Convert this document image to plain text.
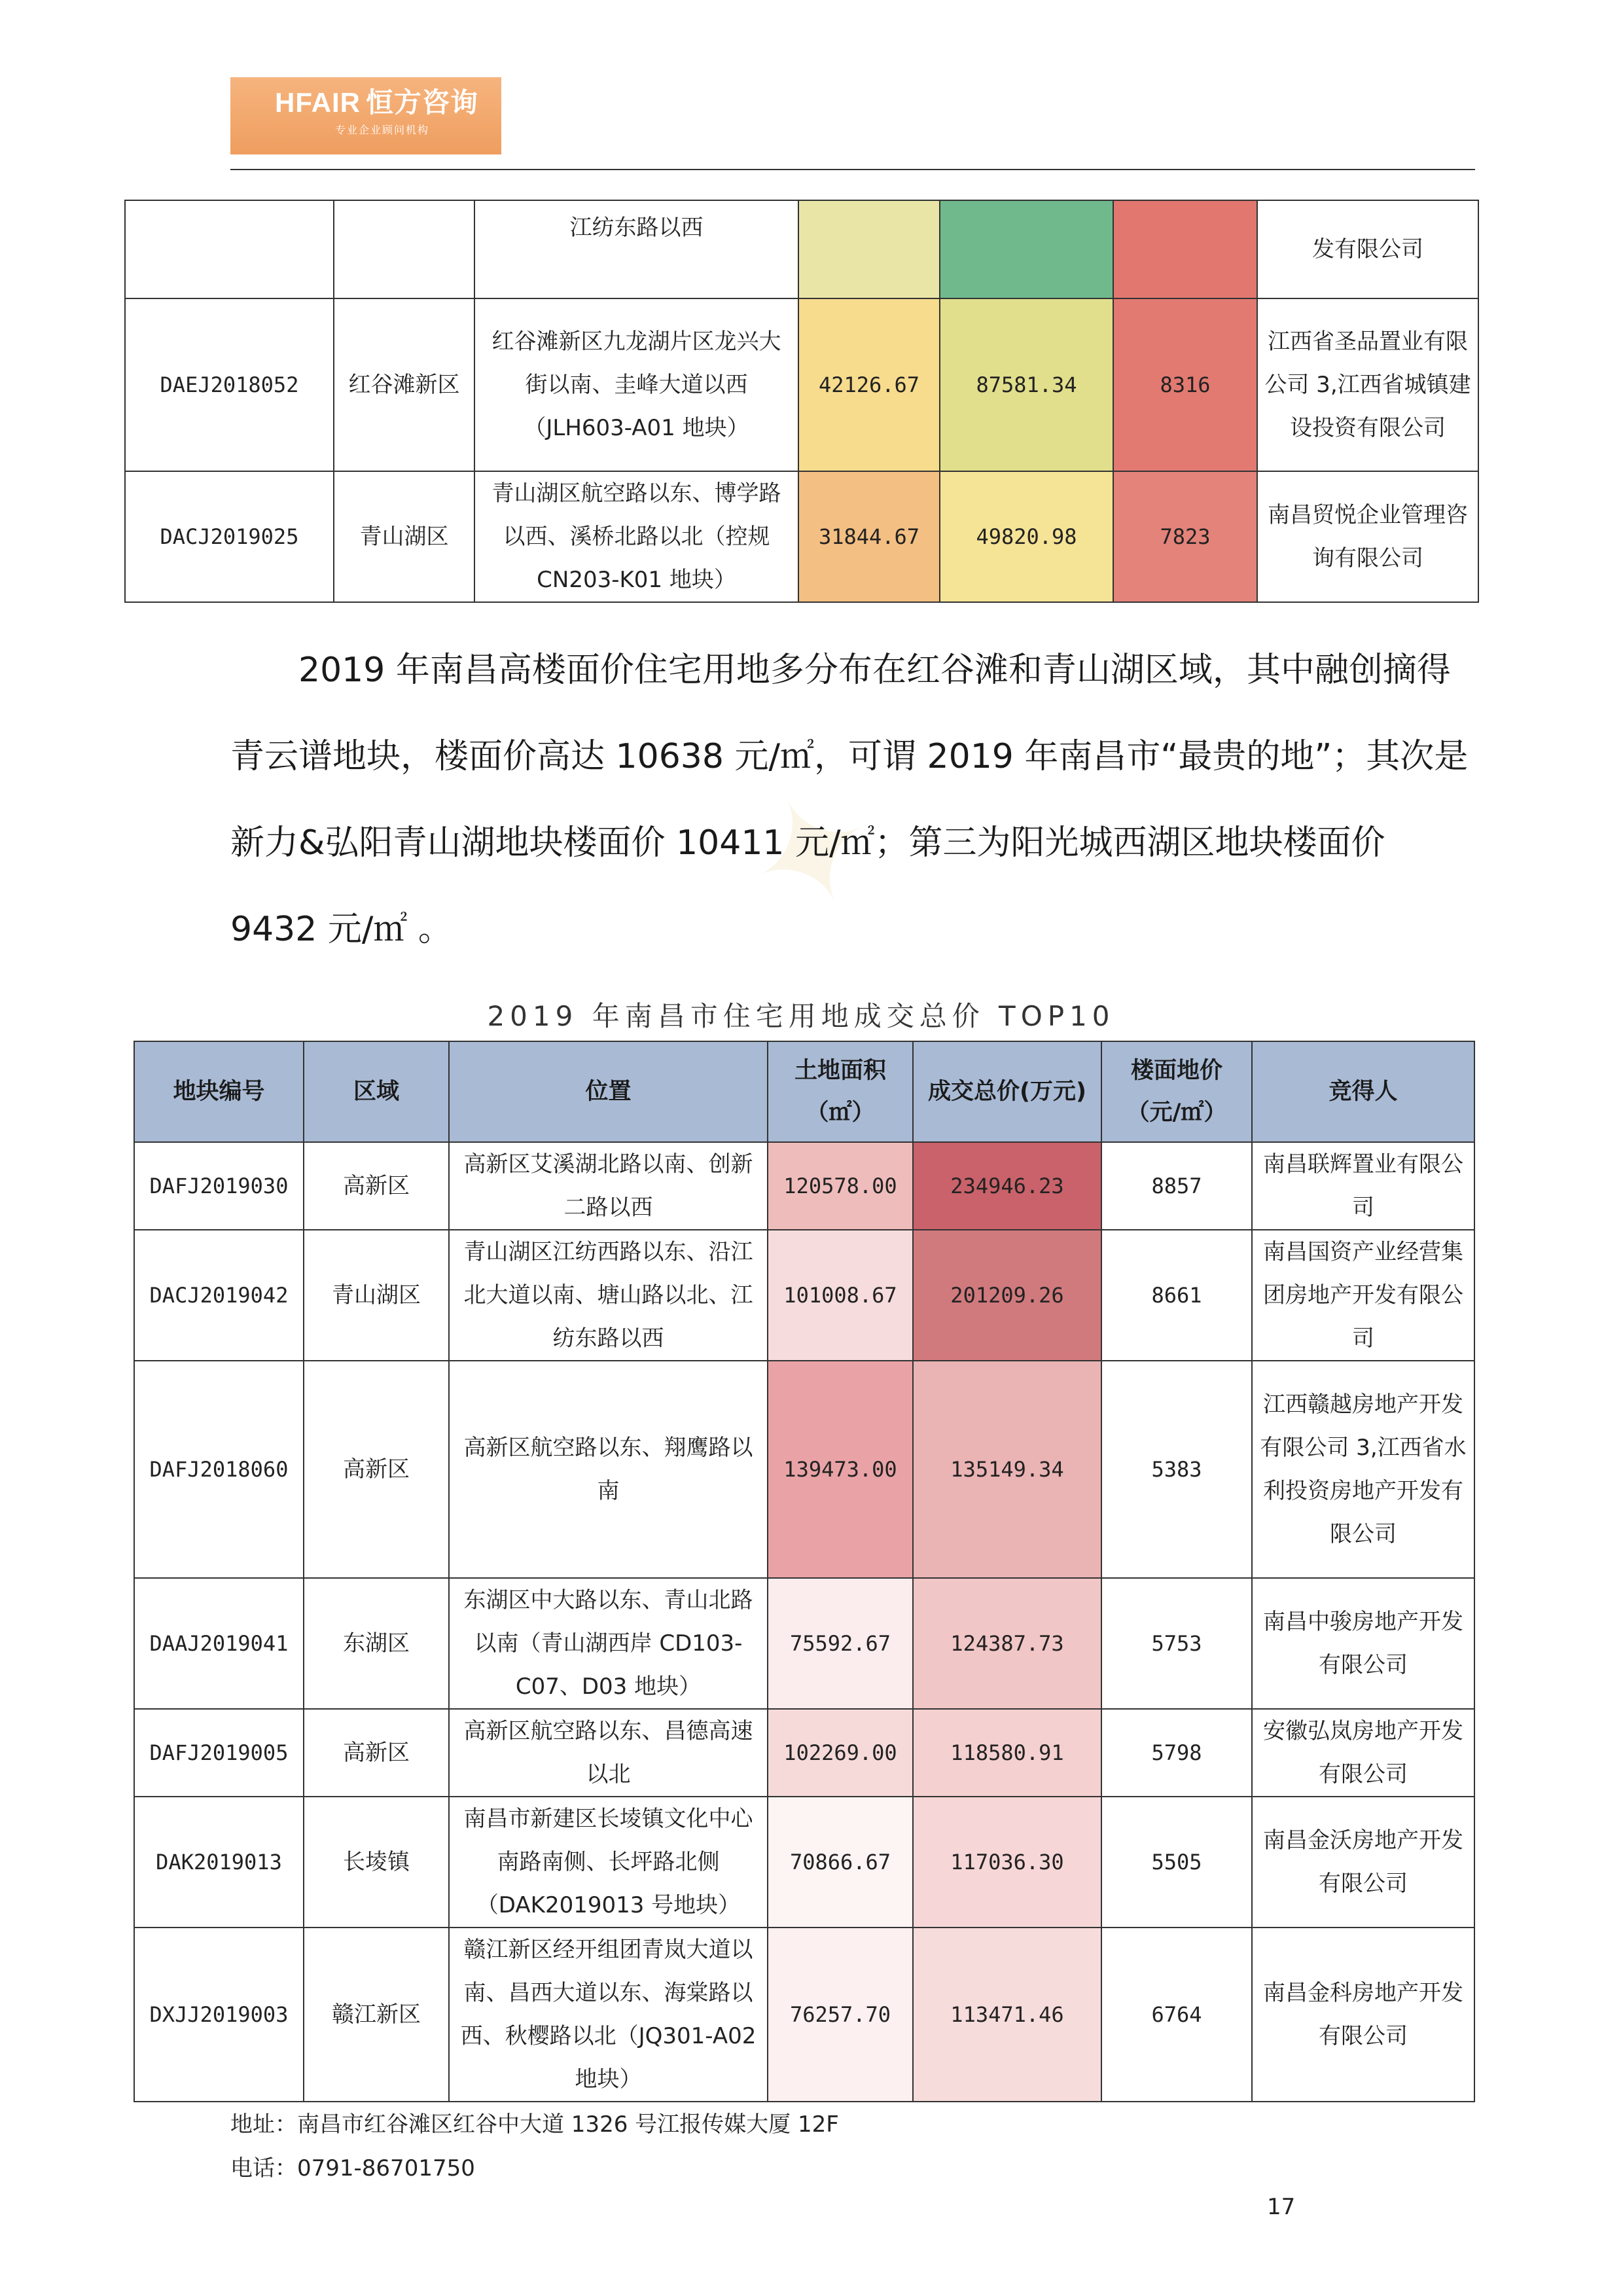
HFAIR 恒方咨询
专业企业顾问机构
		江纺东路以西				发有限公司
DAEJ2018052	红谷滩新区	红谷滩新区九龙湖片区龙兴大街以南、圭峰大道以西（JLH603-A01 地块）	42126.67	87581.34	8316	江西省圣品置业有限公司 3,江西省城镇建设投资有限公司
DACJ2019025	青山湖区	青山湖区航空路以东、博学路以西、溪桥北路以北（控规 CN203-K01 地块）	31844.67	49820.98	7823	南昌贸悦企业管理咨询有限公司
✦

2019 年南昌高楼面价住宅用地多分布在红谷滩和青山湖区域，其中融创摘得青云谱地块，楼面价高达 10638 元/㎡，可谓 2019 年南昌市“最贵的地”；其次是新力&弘阳青山湖地块楼面价 10411 元/㎡；第三为阳光城西湖区地块楼面价 9432 元/㎡ 。

2019 年南昌市住宅用地成交总价 TOP10
地块编号	区域	位置	土地面积（㎡）	成交总价(万元)	楼面地价（元/㎡）	竞得人
DAFJ2019030	高新区	高新区艾溪湖北路以南、创新二路以西	120578.00	234946.23	8857	南昌联辉置业有限公司
DACJ2019042	青山湖区	青山湖区江纺西路以东、沿江北大道以南、塘山路以北、江纺东路以西	101008.67	201209.26	8661	南昌国资产业经营集团房地产开发有限公司
DAFJ2018060	高新区	高新区航空路以东、翔鹰路以南	139473.00	135149.34	5383	江西赣越房地产开发有限公司 3,江西省水利投资房地产开发有限公司
DAAJ2019041	东湖区	东湖区中大路以东、青山北路以南（青山湖西岸 CD103-C07、D03 地块）	75592.67	124387.73	5753	南昌中骏房地产开发有限公司
DAFJ2019005	高新区	高新区航空路以东、昌德高速以北	102269.00	118580.91	5798	安徽弘岚房地产开发有限公司
DAK2019013	长堎镇	南昌市新建区长堎镇文化中心南路南侧、长坪路北侧（DAK2019013 号地块）	70866.67	117036.30	5505	南昌金沃房地产开发有限公司
DXJJ2019003	赣江新区	赣江新区经开组团青岚大道以南、昌西大道以东、海棠路以西、秋樱路以北（JQ301-A02 地块）	76257.70	113471.46	6764	南昌金科房地产开发有限公司
地址：南昌市红谷滩区红谷中大道 1326 号江报传媒大厦 12F
电话：0791-86701750
17
